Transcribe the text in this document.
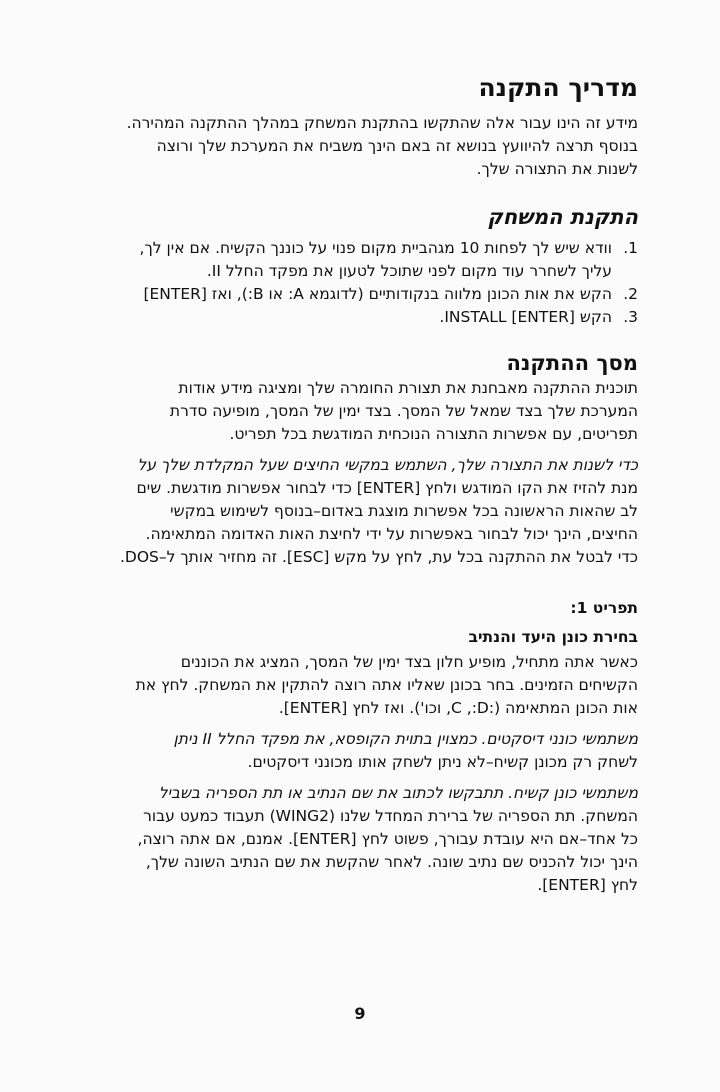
מדריך התקנה

מידע זה הינו עבור אלה שהתקשו בהתקנת המשחק במהלך ההתקנה המהירה.

בנוסף תרצה להיוועץ בנושא זה באם הינך משביח את המערכת שלך ורוצה

לשנות את התצורה שלך.

התקנת המשחק
1.
וודא שיש לך לפחות 10 מגהביית מקום פנוי על כוננך הקשיח. אם אין לך,
עליך לשחרר עוד מקום לפני שתוכל לטעון את מפקד החלל II.
2.
הקש את אות הכונן מלווה בנקודותיים (לדוגמא A: או B:), ואז [ENTER]
3.
הקש INSTALL [ENTER].
מסך ההתקנה

תוכנית ההתקנה מאבחנת את תצורת החומרה שלך ומציגה מידע אודות

המערכת שלך בצד שמאל של המסך. בצד ימין של המסך, מופיעה סדרת

תפריטים, עם אפשרות התצורה הנוכחית המודגשת בכל תפריט.

כדי לשנות את התצורה שלך, השתמש במקשי החיצים שעל המקלדת שלך על

מנת להזיז את הקו המודגש ולחץ [ENTER] כדי לבחור אפשרות מודגשת. שים

לב שהאות הראשונה בכל אפשרות מוצגת באדום–בנוסף לשימוש במקשי

החיצים, הינך יכול לבחור באפשרות על ידי לחיצת האות האדומה המתאימה.

כדי לבטל את ההתקנה בכל עת, לחץ על מקש [ESC]. זה מחזיר אותך ל–DOS.

תפריט 1:
בחירת כונן היעד והנתיב

כאשר אתה מתחיל, מופיע חלון בצד ימין של המסך, המציג את הכוננים

הקשיחים הזמינים. בחר בכונן שאליו אתה רוצה להתקין את המשחק. לחץ את

אות הכונן המתאימה (:C ,:D, וכו'). ואז לחץ [ENTER].

משתמשי כונני דיסקטים. כמצוין בתוית הקופסא, את מפקד החלל II ניתן

לשחק רק מכונן קשיח–לא ניתן לשחק אותו מכונני דיסקטים.

משתמשי כונן קשיח. תתבקשו לכתוב את שם הנתיב או תת הספריה בשביל

המשחק. תת הספריה של ברירת המחדל שלנו (WING2) תעבוד כמעט עבור

כל אחד–אם היא עובדת עבורך, פשוט לחץ [ENTER]. אמנם, אם אתה רוצה,

הינך יכול להכניס שם נתיב שונה. לאחר שהקשת את שם הנתיב השונה שלך,

לחץ [ENTER].

9
